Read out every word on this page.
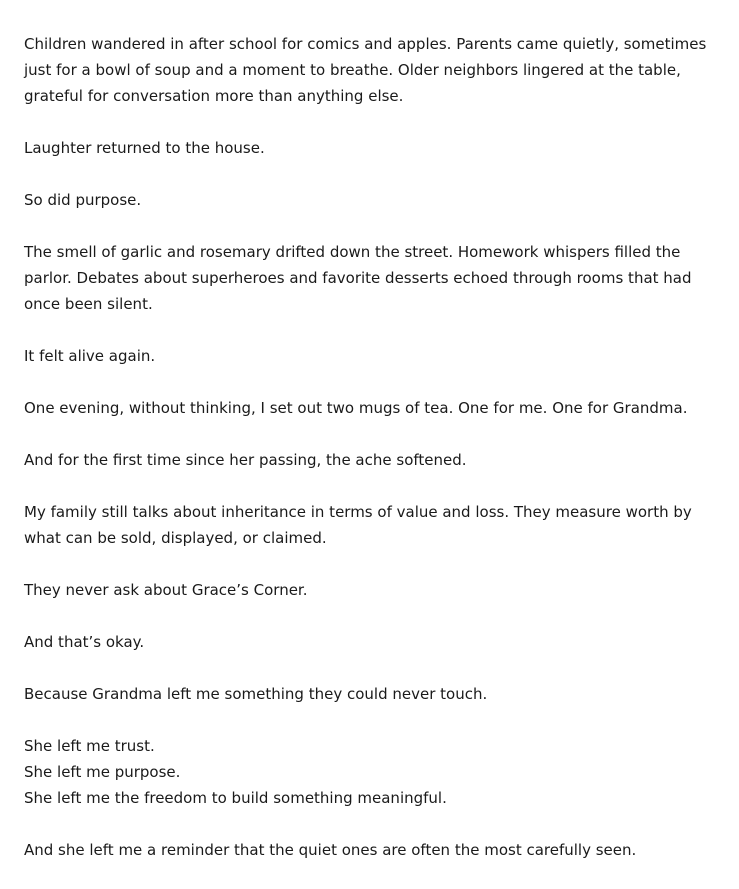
Children wandered in after school for comics and apples. Parents came quietly, sometimes
just for a bowl of soup and a moment to breathe. Older neighbors lingered at the table,
grateful for conversation more than anything else.

Laughter returned to the house.

So did purpose.

The smell of garlic and rosemary drifted down the street. Homework whispers filled the
parlor. Debates about superheroes and favorite desserts echoed through rooms that had
once been silent.

It felt alive again.

One evening, without thinking, I set out two mugs of tea. One for me. One for Grandma.

And for the first time since her passing, the ache softened.

My family still talks about inheritance in terms of value and loss. They measure worth by
what can be sold, displayed, or claimed.

They never ask about Grace’s Corner.

And that’s okay.

Because Grandma left me something they could never touch.

She left me trust.
She left me purpose.
She left me the freedom to build something meaningful.

And she left me a reminder that the quiet ones are often the most carefully seen.
